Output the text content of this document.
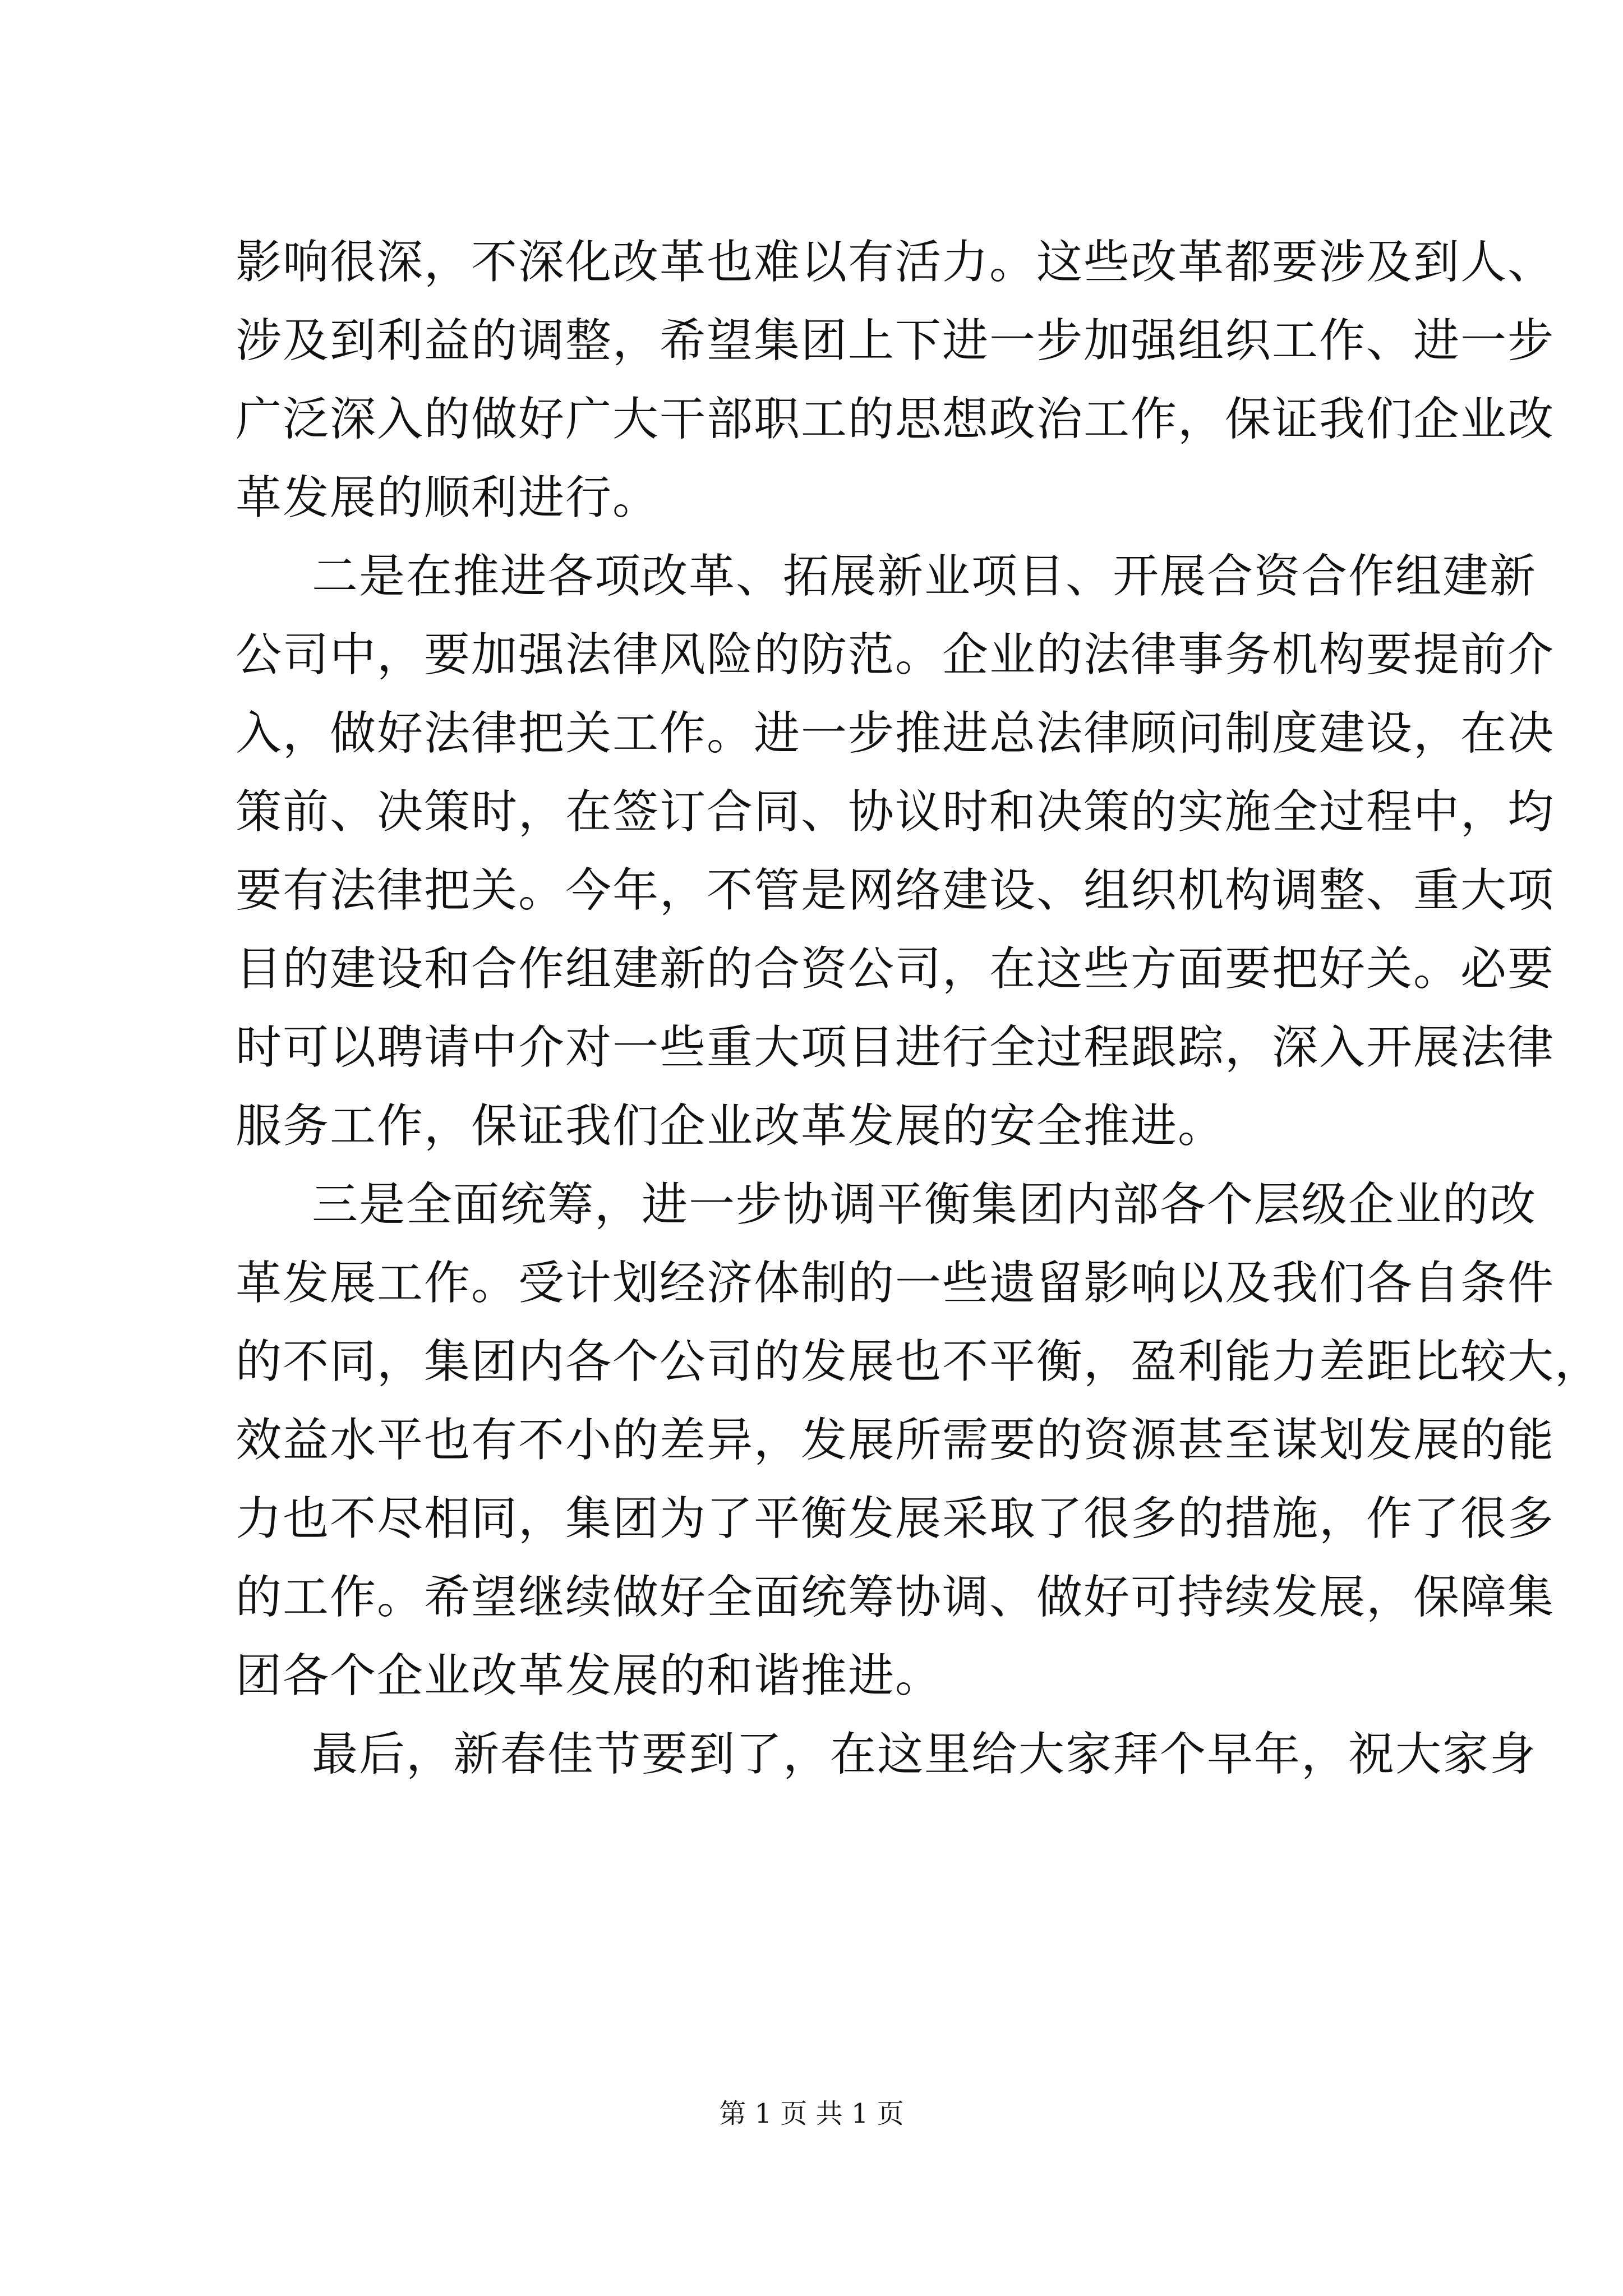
影响很深，不深化改革也难以有活力。这些改革都要涉及到人、
涉及到利益的调整，希望集团上下进一步加强组织工作、进一步
广泛深入的做好广大干部职工的思想政治工作，保证我们企业改
革发展的顺利进行。
二是在推进各项改革、拓展新业项目、开展合资合作组建新
公司中，要加强法律风险的防范。企业的法律事务机构要提前介
入，做好法律把关工作。进一步推进总法律顾问制度建设，在决
策前、决策时，在签订合同、协议时和决策的实施全过程中，均
要有法律把关。今年，不管是网络建设、组织机构调整、重大项
目的建设和合作组建新的合资公司，在这些方面要把好关。必要
时可以聘请中介对一些重大项目进行全过程跟踪，深入开展法律
服务工作，保证我们企业改革发展的安全推进。
三是全面统筹，进一步协调平衡集团内部各个层级企业的改
革发展工作。受计划经济体制的一些遗留影响以及我们各自条件
的不同，集团内各个公司的发展也不平衡，盈利能力差距比较大，
效益水平也有不小的差异，发展所需要的资源甚至谋划发展的能
力也不尽相同，集团为了平衡发展采取了很多的措施，作了很多
的工作。希望继续做好全面统筹协调、做好可持续发展，保障集
团各个企业改革发展的和谐推进。
最后，新春佳节要到了，在这里给大家拜个早年，祝大家身
第 1 页 共 1 页
